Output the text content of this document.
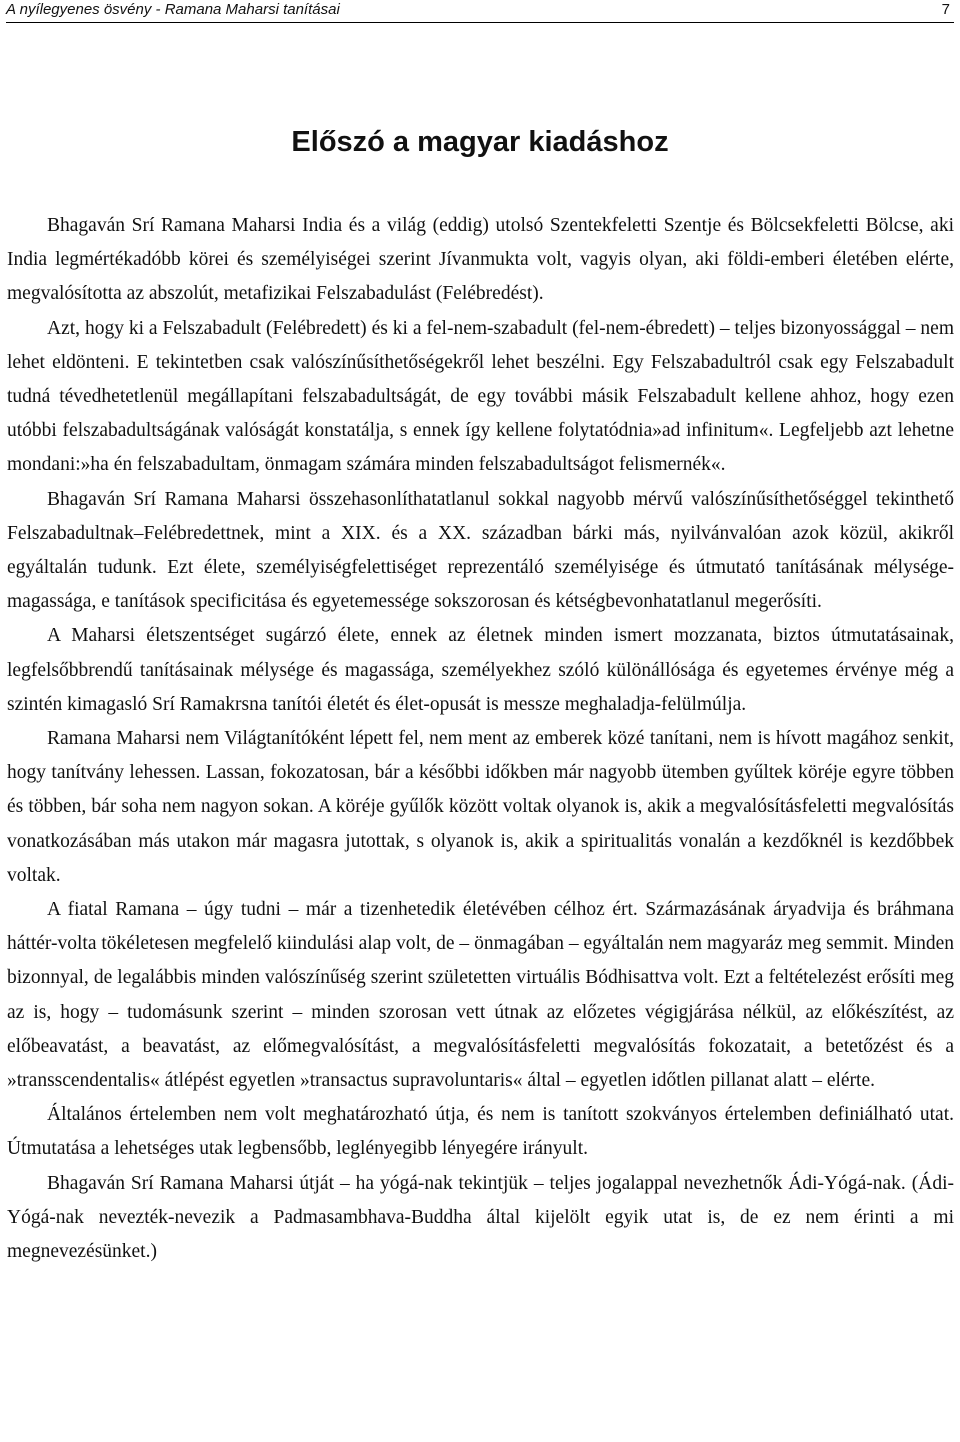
A nyílegyenes ösvény - Ramana Maharsi tanításai	7
Előszó a magyar kiadáshoz

Bhagaván Srí Ramana Maharsi India és a világ (eddig) utolsó Szentekfeletti Szentje és Bölcsekfeletti Bölcse, aki India legmértékadóbb körei és személyiségei szerint Jívanmukta volt, vagyis olyan, aki földi-emberi életében elérte, megvalósította az abszolút, metafizikai Felszabadulást (Felébredést).

Azt, hogy ki a Felszabadult (Felébredett) és ki a fel-nem-szabadult (fel-nem-ébredett) – teljes bizonyossággal – nem lehet eldönteni. E tekintetben csak valószínűsíthetőségekről lehet beszélni. Egy Felszabadultról csak egy Felszabadult tudná tévedhetetlenül megállapítani felszabadultságát, de egy további másik Felszabadult kellene ahhoz, hogy ezen utóbbi felszabadultságának valóságát konstatálja, s ennek így kellene folytatódnia»ad infinitum«. Legfeljebb azt lehetne mondani:»ha én felszabadultam, önmagam számára minden felszabadultságot felismernék«.

Bhagaván Srí Ramana Maharsi összehasonlíthatatlanul sokkal nagyobb mérvű valószínűsíthetőséggel tekinthető Felszabadultnak–Felébredettnek, mint a XIX. és a XX. században bárki más, nyilvánvalóan azok közül, akikről egyáltalán tudunk. Ezt élete, személyiségfelettiséget reprezentáló személyisége és útmutató tanításának mélysége-magassága, e tanítások specificitása és egyetemessége sokszorosan és kétségbevonhatatlanul megerősíti.

A Maharsi életszentséget sugárzó élete, ennek az életnek minden ismert mozzanata, biztos útmutatásainak, legfelsőbbrendű tanításainak mélysége és magassága, személyekhez szóló különállósága és egyetemes érvénye még a szintén kimagasló Srí Ramakrsna tanítói életét és élet-opusát is messze meghaladja-felülmúlja.

Ramana Maharsi nem Világtanítóként lépett fel, nem ment az emberek közé tanítani, nem is hívott magához senkit, hogy tanítvány lehessen. Lassan, fokozatosan, bár a későbbi időkben már nagyobb ütemben gyűltek köréje egyre többen és többen, bár soha nem nagyon sokan. A köréje gyűlők között voltak olyanok is, akik a megvalósításfeletti megvalósítás vonatkozásában más utakon már magasra jutottak, s olyanok is, akik a spiritualitás vonalán a kezdőknél is kezdőbbek voltak.

A fiatal Ramana – úgy tudni – már a tizenhetedik életévében célhoz ért. Származásának áryadvija és bráhmana háttér-volta tökéletesen megfelelő kiindulási alap volt, de – önmagában – egyáltalán nem magyaráz meg semmit. Minden bizonnyal, de legalábbis minden valószínűség szerint születetten virtuális Bódhisattva volt. Ezt a feltételezést erősíti meg az is, hogy – tudomásunk szerint – minden szorosan vett útnak az előzetes végigjárása nélkül, az előkészítést, az előbeavatást, a beavatást, az előmegvalósítást, a megvalósításfeletti megvalósítás fokozatait, a betetőzést és a »transscendentalis« átlépést egyetlen »transactus supravoluntaris« által – egyetlen időtlen pillanat alatt – elérte.

Általános értelemben nem volt meghatározható útja, és nem is tanított szokványos értelemben definiálható utat. Útmutatása a lehetséges utak legbensőbb, leglényegibb lényegére irányult.

Bhagaván Srí Ramana Maharsi útját – ha yógá-nak tekintjük – teljes jogalappal nevezhetnők Ádi-Yógá-nak. (Ádi-Yógá-nak nevezték-nevezik a Padmasambhava-Buddha által kijelölt egyik utat is, de ez nem érinti a mi megnevezésünket.)
